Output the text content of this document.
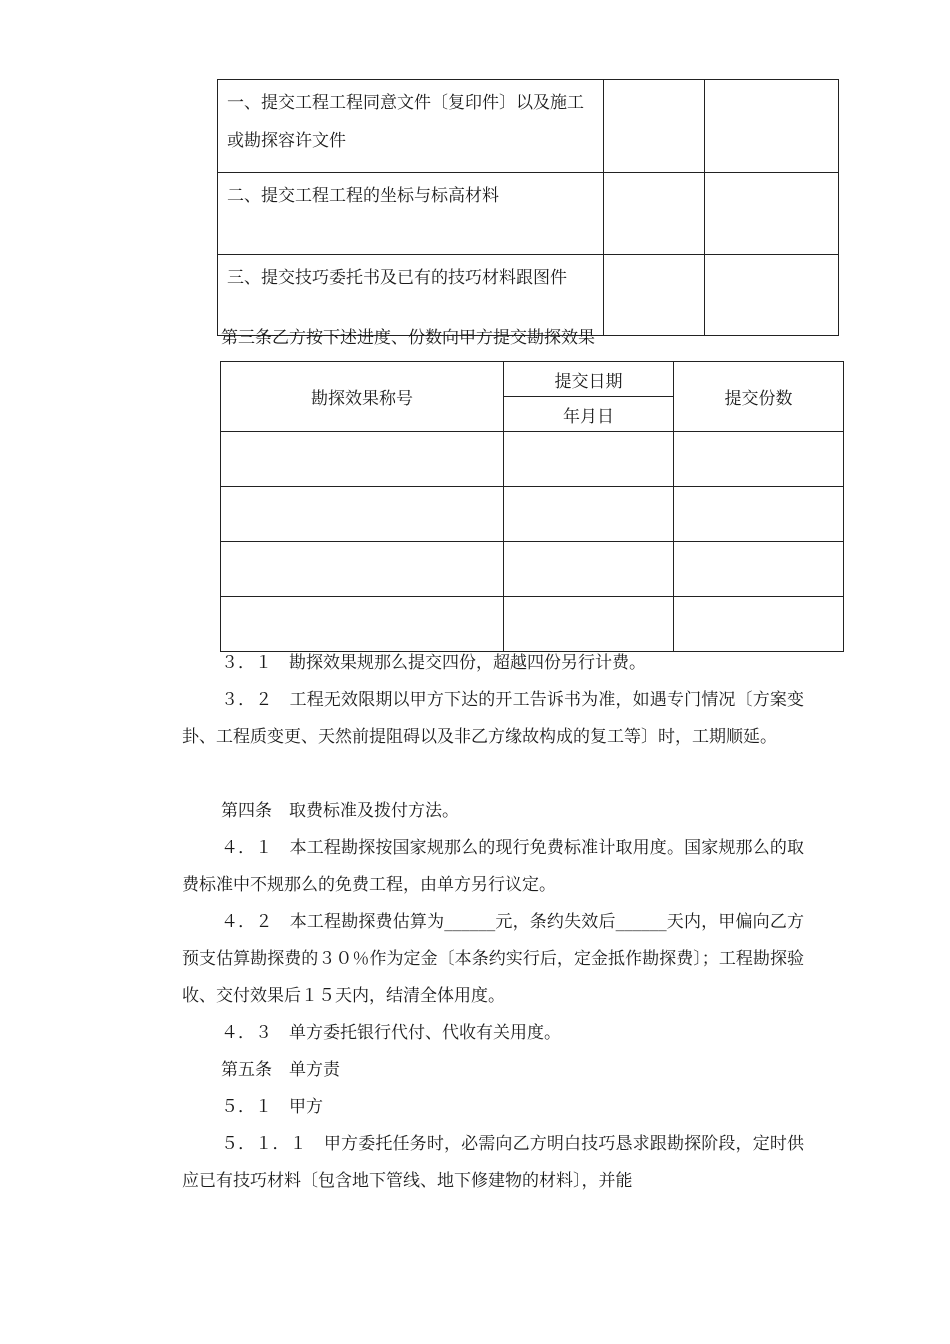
一、提交工程工程同意文件〔复印件〕以及施工或勘探容许文件		
二、提交工程工程的坐标与标高材料		
三、提交技巧委托书及已有的技巧材料跟图件		
第三条乙方按下述进度、份数向甲方提交勘探效果
勘探效果称号	提交日期	提交份数
	年月日	

３．１　勘探效果规那么提交四份，超越四份另行计费。
３．２　工程无效限期以甲方下达的开工告诉书为准，如遇专门情况〔方案变卦、工程质变更、天然前提阻碍以及非乙方缘故构成的复工等〕时，工期顺延。
第四条　取费标准及拨付方法。
４．１　本工程勘探按国家规那么的现行免费标准计取用度。国家规那么的取费标准中不规那么的免费工程，由单方另行议定。
４．２　本工程勘探费估算为______元，条约失效后______天内，甲偏向乙方预支估算勘探费的３０％作为定金〔本条约实行后，定金抵作勘探费〕；工程勘探验收、交付效果后１５天内，结清全体用度。
４．３　单方委托银行代付、代收有关用度。
第五条　单方责
５．１　甲方
５．１．１　甲方委托任务时，必需向乙方明白技巧恳求跟勘探阶段，定时供应已有技巧材料〔包含地下管线、地下修建物的材料〕，并能
